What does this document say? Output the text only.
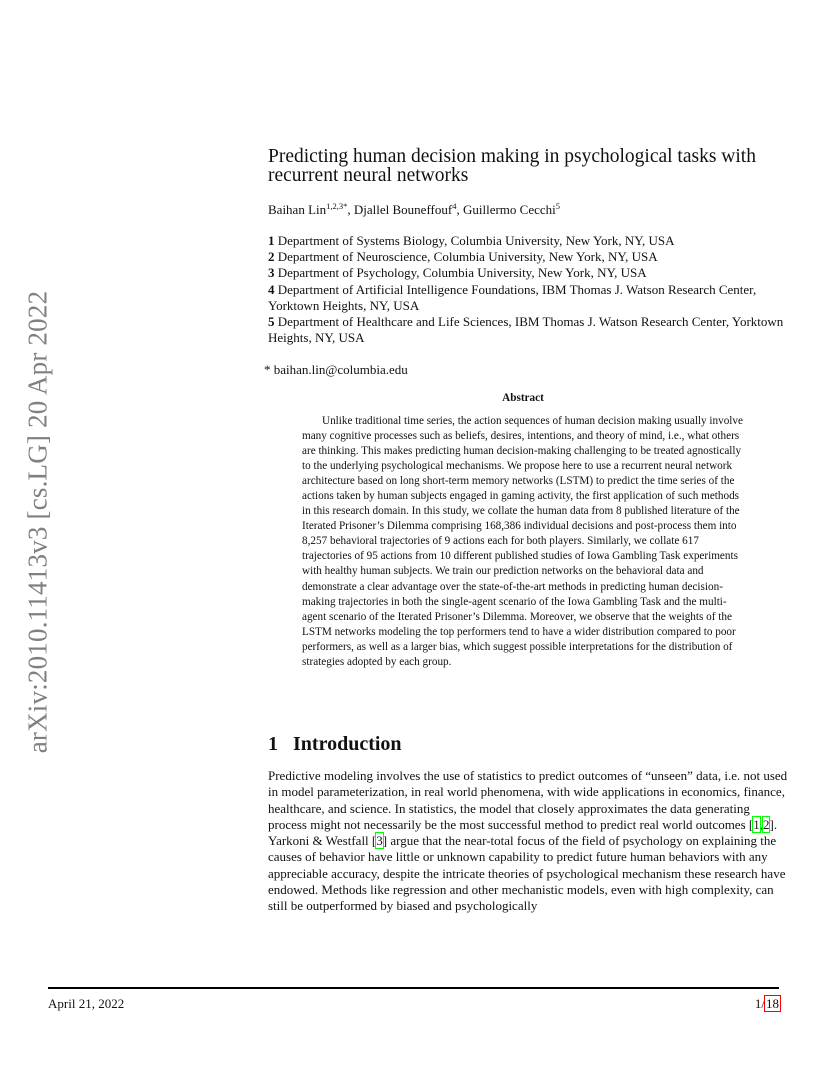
arXiv:2010.11413v3 [cs.LG] 20 Apr 2022
Predicting human decision making in psychological tasks with recurrent neural networks
Baihan Lin$^{1,2,3*}$, Djallel Bouneffouf$^4$, Guillermo Cecchi$^5$
1 Department of Systems Biology, Columbia University, New York, NY, USA
2 Department of Neuroscience, Columbia University, New York, NY, USA
3 Department of Psychology, Columbia University, New York, NY, USA
4 Department of Artificial Intelligence Foundations, IBM Thomas J. Watson Research Center, Yorktown Heights, NY, USA
5 Department of Healthcare and Life Sciences, IBM Thomas J. Watson Research Center, Yorktown Heights, NY, USA
* baihan.lin@columbia.edu
Abstract

Unlike traditional time series, the action sequences of human decision making usually involve many cognitive processes such as beliefs, desires, intentions, and theory of mind, i.e., what others are thinking. This makes predicting human decision-making challenging to be treated agnostically to the underlying psychological mechanisms. We propose here to use a recurrent neural network architecture based on long short-term memory networks (LSTM) to predict the time series of the actions taken by human subjects engaged in gaming activity, the first application of such methods in this research domain. In this study, we collate the human data from 8 published literature of the Iterated Prisoner’s Dilemma comprising 168,386 individual decisions and post-process them into 8,257 behavioral trajectories of 9 actions each for both players. Similarly, we collate 617 trajectories of 95 actions from 10 different published studies of Iowa Gambling Task experiments with healthy human subjects. We train our prediction networks on the behavioral data and demonstrate a clear advantage over the state-of-the-art methods in predicting human decision-making trajectories in both the single-agent scenario of the Iowa Gambling Task and the multi-agent scenario of the Iterated Prisoner’s Dilemma. Moreover, we observe that the weights of the LSTM networks modeling the top performers tend to have a wider distribution compared to poor performers, as well as a larger bias, which suggest possible interpretations for the distribution of strategies adopted by each group.

1 Introduction

Predictive modeling involves the use of statistics to predict outcomes of “unseen” data, i.e. not used in model parameterization, in real world phenomena, with wide applications in economics, finance, healthcare, and science. In statistics, the model that closely approximates the data generating process might not necessarily be the most successful method to predict real world outcomes [1,2]. Yarkoni & Westfall [3] argue that the near-total focus of the field of psychology on explaining the causes of behavior have little or unknown capability to predict future human behaviors with any appreciable accuracy, despite the intricate theories of psychological mechanism these research have endowed. Methods like regression and other mechanistic models, even with high complexity, can still be outperformed by biased and psychologically

April 21, 2022	1/18
